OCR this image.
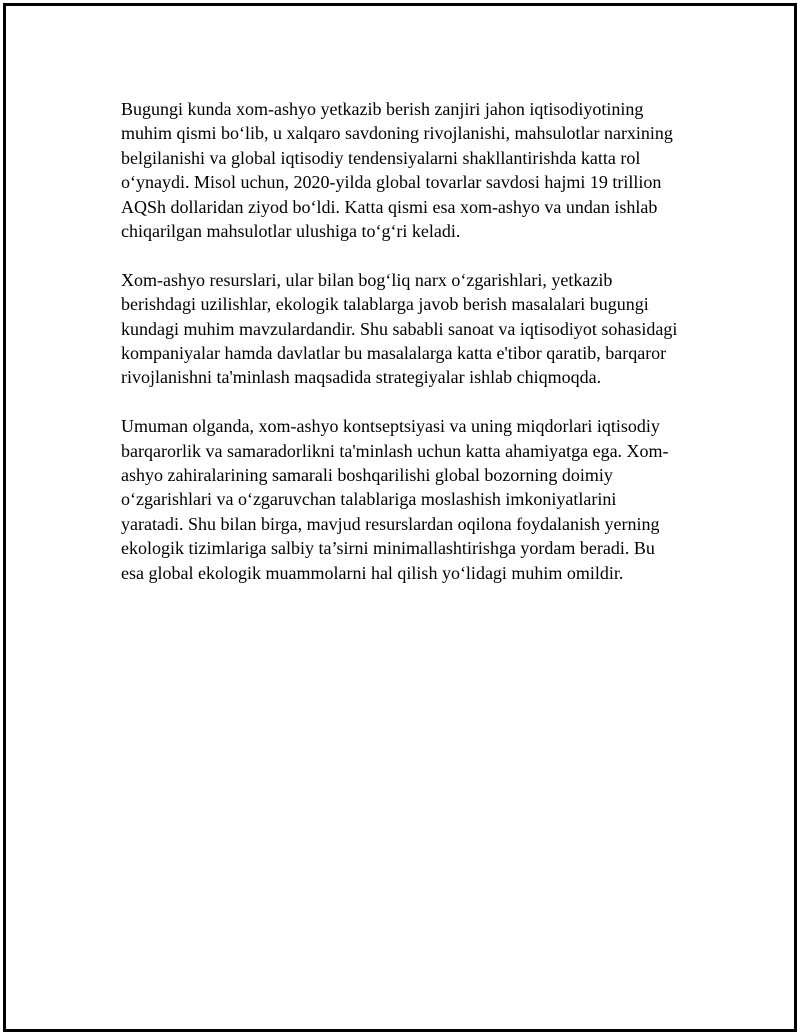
Bugungi kunda xom-ashyo yetkazib berish zanjiri jahon iqtisodiyotining muhim qismi bo‘lib, u xalqaro savdoning rivojlanishi, mahsulotlar narxining belgilanishi va global iqtisodiy tendensiyalarni shakllantirishda katta rol o‘ynaydi. Misol uchun, 2020-yilda global tovarlar savdosi hajmi 19 trillion AQSh dollaridan ziyod bo‘ldi. Katta qismi esa xom-ashyo va undan ishlab chiqarilgan mahsulotlar ulushiga to‘g‘ri keladi.

Xom-ashyo resurslari, ular bilan bog‘liq narx o‘zgarishlari, yetkazib berishdagi uzilishlar, ekologik talablarga javob berish masalalari bugungi kundagi muhim mavzulardandir. Shu sababli sanoat va iqtisodiyot sohasidagi kompaniyalar hamda davlatlar bu masalalarga katta e'tibor qaratib, barqaror rivojlanishni ta'minlash maqsadida strategiyalar ishlab chiqmoqda.

Umuman olganda, xom-ashyo kontseptsiyasi va uning miqdorlari iqtisodiy barqarorlik va samaradorlikni ta'minlash uchun katta ahamiyatga ega. Xom-ashyo zahiralarining samarali boshqarilishi global bozorning doimiy o‘zgarishlari va o‘zgaruvchan talablariga moslashish imkoniyatlarini yaratadi. Shu bilan birga, mavjud resurslardan oqilona foydalanish yerning ekologik tizimlariga salbiy ta’sirni minimallashtirishga yordam beradi. Bu esa global ekologik muammolarni hal qilish yo‘lidagi muhim omildir.
